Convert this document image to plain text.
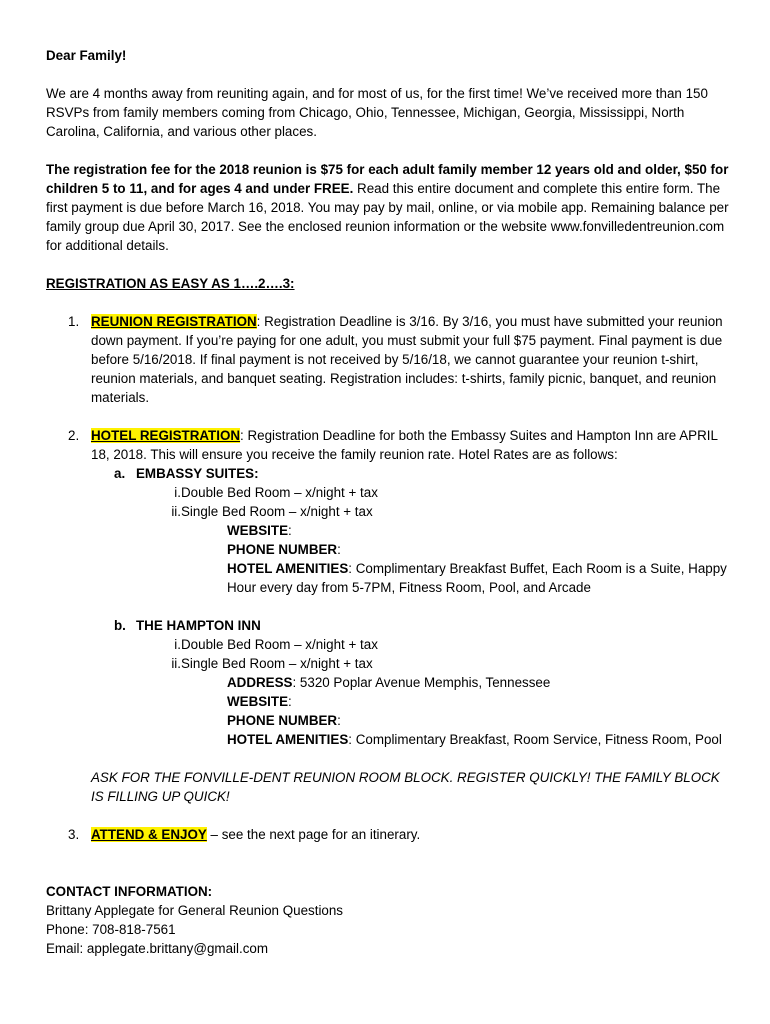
Dear Family!

We are 4 months away from reuniting again, and for most of us, for the first time! We’ve received more than 150 RSVPs from family members coming from Chicago, Ohio, Tennessee, Michigan, Georgia, Mississippi, North Carolina, California, and various other places.

The registration fee for the 2018 reunion is $75 for each adult family member 12 years old and older, $50 for children 5 to 11, and for ages 4 and under FREE. Read this entire document and complete this entire form. The first payment is due before March 16, 2018. You may pay by mail, online, or via mobile app. Remaining balance per family group due April 30, 2017. See the enclosed reunion information or the website www.fonvilledentreunion.com for additional details.

REGISTRATION AS EASY AS 1….2….3:

1. REUNION REGISTRATION: Registration Deadline is 3/16. By 3/16, you must have submitted your reunion down payment. If you’re paying for one adult, you must submit your full $75 payment. Final payment is due before 5/16/2018. If final payment is not received by 5/16/18, we cannot guarantee your reunion t-shirt, reunion materials, and banquet seating. Registration includes: t-shirts, family picnic, banquet, and reunion materials.

2. HOTEL REGISTRATION: Registration Deadline for both the Embassy Suites and Hampton Inn are APRIL 18, 2018. This will ensure you receive the family reunion rate. Hotel Rates are as follows:

a. EMBASSY SUITES:
i. Double Bed Room – x/night + tax
ii. Single Bed Room – x/night + tax

WEBSITE:

PHONE NUMBER:

HOTEL AMENITIES: Complimentary Breakfast Buffet, Each Room is a Suite, Happy Hour every day from 5-7PM, Fitness Room, Pool, and Arcade

b. THE HAMPTON INN
i. Double Bed Room – x/night + tax
ii. Single Bed Room – x/night + tax

ADDRESS: 5320 Poplar Avenue Memphis, Tennessee

WEBSITE:

PHONE NUMBER:

HOTEL AMENITIES: Complimentary Breakfast, Room Service, Fitness Room, Pool

ASK FOR THE FONVILLE-DENT REUNION ROOM BLOCK. REGISTER QUICKLY! THE FAMILY BLOCK IS FILLING UP QUICK!

3. ATTEND & ENJOY – see the next page for an itinerary.

CONTACT INFORMATION:

Brittany Applegate for General Reunion Questions

Phone: 708-818-7561

Email: applegate.brittany@gmail.com
